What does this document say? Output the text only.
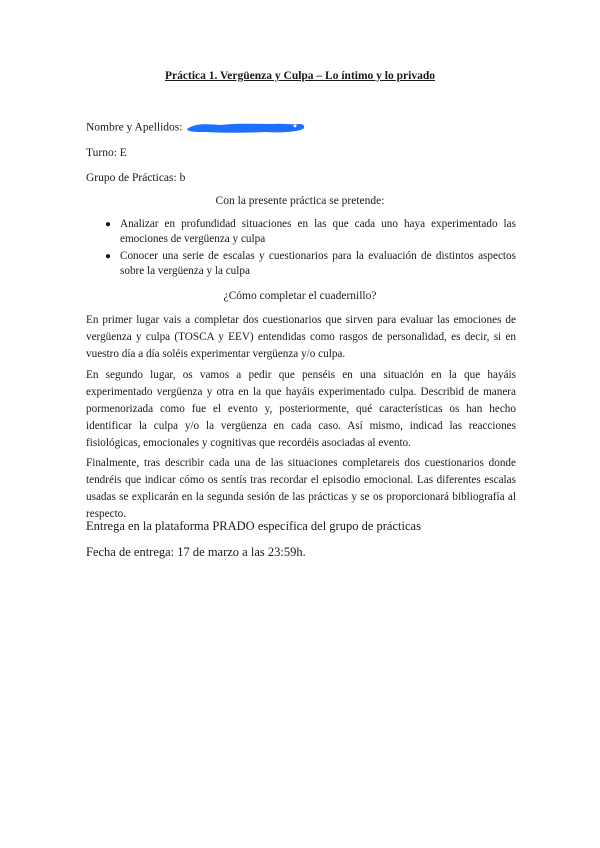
Práctica 1. Vergüenza y Culpa – Lo íntimo y lo privado
Nombre y Apellidos:
Turno: E
Grupo de Prácticas: b
Con la presente práctica se pretende:
● Analizar en profundidad situaciones en las que cada uno haya experimentado las emociones de vergüenza y culpa
● Conocer una serie de escalas y cuestionarios para la evaluación de distintos aspectos sobre la vergüenza y la culpa
¿Cómo completar el cuadernillo?

En primer lugar vais a completar dos cuestionarios que sirven para evaluar las emociones de vergüenza y culpa (TOSCA y EEV) entendidas como rasgos de personalidad, es decir, si en vuestro día a día soléis experimentar vergüenza y/o culpa.

En segundo lugar, os vamos a pedir que penséis en una situación en la que hayáis experimentado vergüenza y otra en la que hayáis experimentado culpa. Describid de manera pormenorizada como fue el evento y, posteriormente, qué características os han hecho identificar la culpa y/o la vergüenza en cada caso. Así mismo, indicad las reacciones fisiológicas, emocionales y cognitivas que recordéis asociadas al evento.

Finalmente, tras describir cada una de las situaciones completareis dos cuestionarios donde tendréis que indicar cómo os sentís tras recordar el episodio emocional. Las diferentes escalas usadas se explicarán en la segunda sesión de las prácticas y se os proporcionará bibliografía al respecto.

Entrega en la plataforma PRADO específica del grupo de prácticas
Fecha de entrega: 17 de marzo a las 23:59h.
